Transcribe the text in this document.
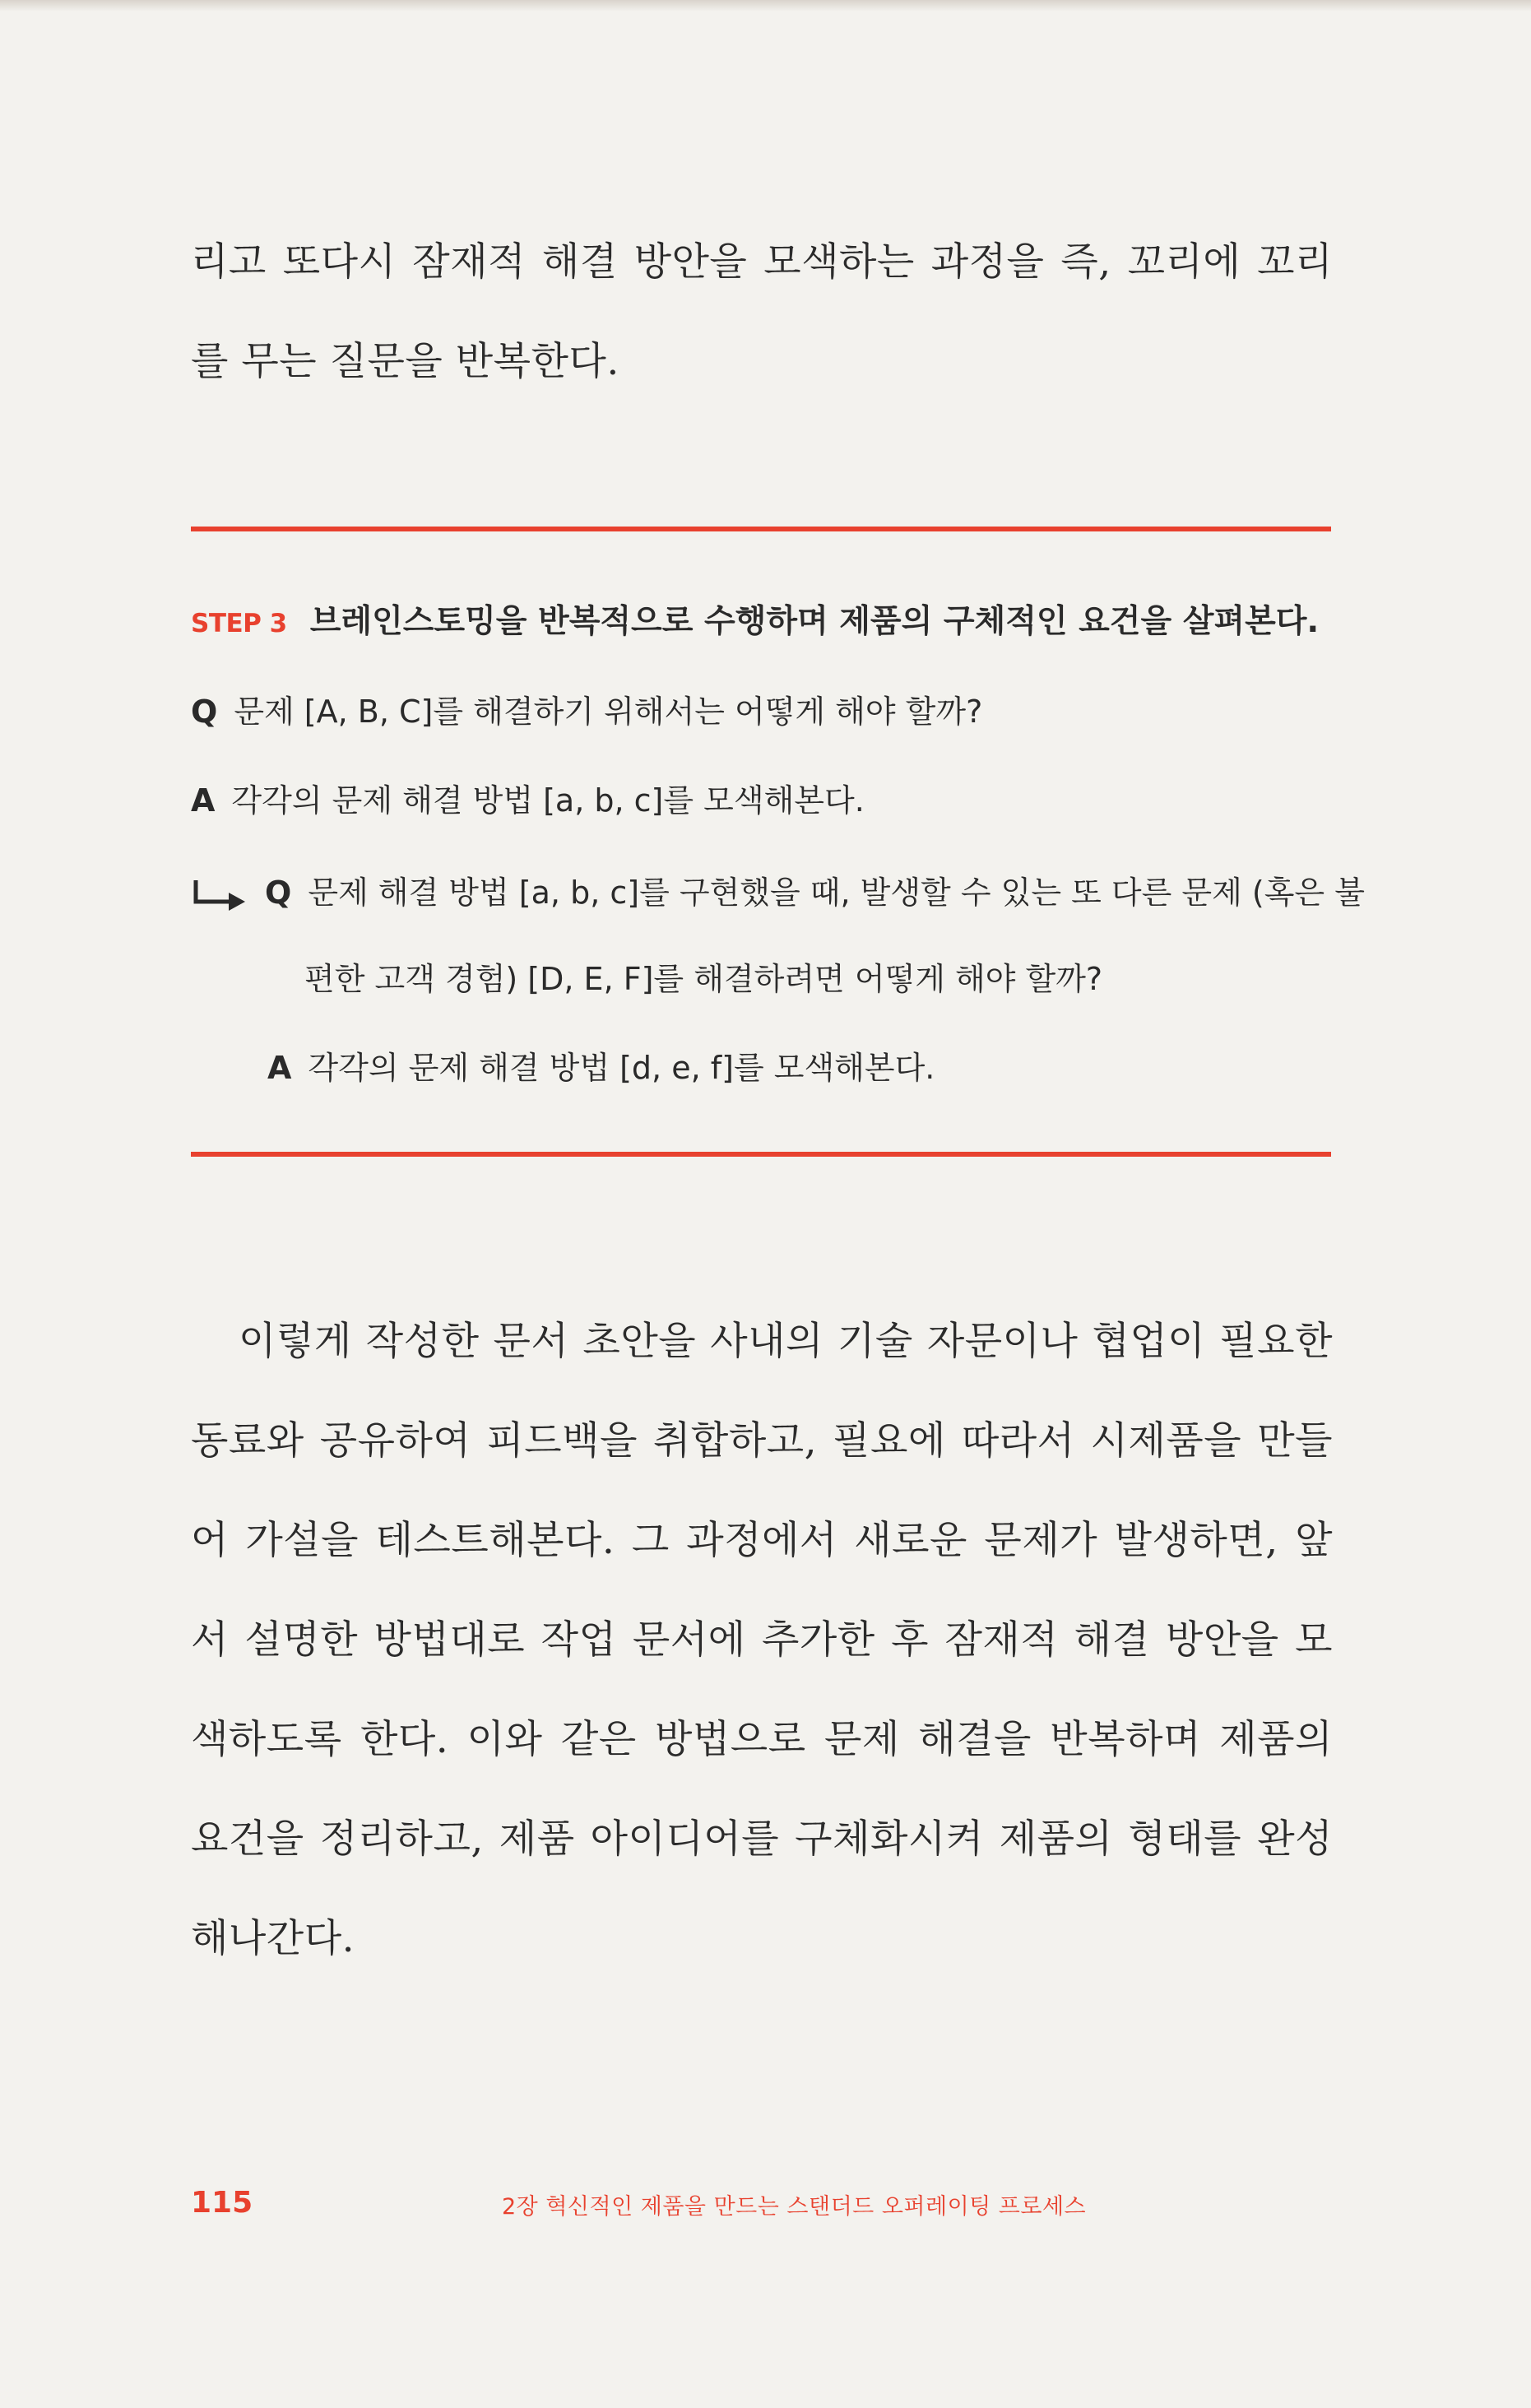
리고 또다시 잠재적 해결 방안을 모색하는 과정을 즉, 꼬리에 꼬리를 무는 질문을 반복한다.

STEP 3 브레인스토밍을 반복적으로 수행하며 제품의 구체적인 요건을 살펴본다.
Q 문제 [A, B, C]를 해결하기 위해서는 어떻게 해야 할까?
A 각각의 문제 해결 방법 [a, b, c]를 모색해본다.
Q 문제 해결 방법 [a, b, c]를 구현했을 때, 발생할 수 있는 또 다른 문제 (혹은 불
편한 고객 경험) [D, E, F]를 해결하려면 어떻게 해야 할까?
A 각각의 문제 해결 방법 [d, e, f]를 모색해본다.

이렇게 작성한 문서 초안을 사내의 기술 자문이나 협업이 필요한 동료와 공유하여 피드백을 취합하고, 필요에 따라서 시제품을 만들어 가설을 테스트해본다. 그 과정에서 새로운 문제가 발생하면, 앞서 설명한 방법대로 작업 문서에 추가한 후 잠재적 해결 방안을 모색하도록 한다. 이와 같은 방법으로 문제 해결을 반복하며 제품의 요건을 정리하고, 제품 아이디어를 구체화시켜 제품의 형태를 완성해나간다.

115	2장 혁신적인 제품을 만드는 스탠더드 오퍼레이팅 프로세스
